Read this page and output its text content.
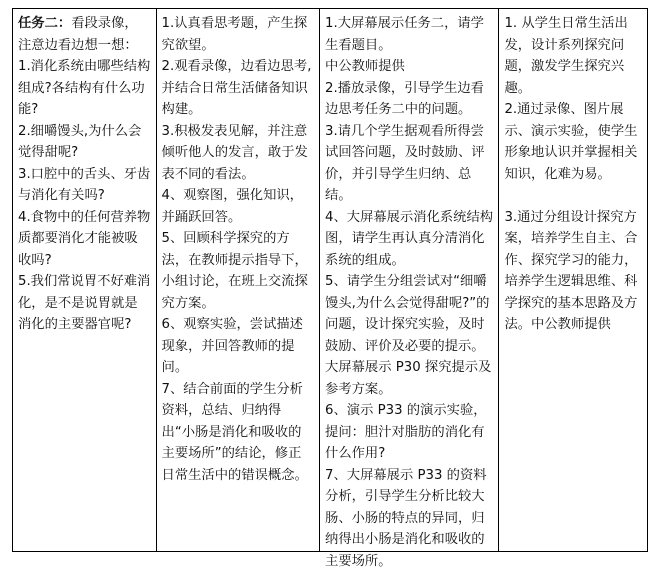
任务二：看段录像，注意边看边想一想：

1.消化系统由哪些结构组成?各结构有什么功能?

2.细嚼馒头,为什么会觉得甜呢?

3.口腔中的舌头、牙齿与消化有关吗?

4.食物中的任何营养物质都要消化才能被吸收吗?

5.我们常说胃不好难消化，是不是说胃就是消化的主要器官呢?

1.认真看思考题，产生探究欲望。

2.观看录像，边看边思考,并结合日常生活储备知识构建。

3.积极发表见解，并注意倾听他人的发言，敢于发表不同的看法。

4、观察图，强化知识，并踊跃回答。

5、回顾科学探究的方法，在教师提示指导下，小组讨论，在班上交流探究方案。

6、观察实验，尝试描述现象，并回答教师的提问。

7、结合前面的学生分析资料，总结、归纳得出“小肠是消化和吸收的主要场所”的结论，修正日常生活中的错误概念。

1.大屏幕展示任务二，请学生看题目。

中公教师提供

2.播放录像，引导学生边看边思考任务二中的问题。

3.请几个学生据观看所得尝试回答问题，及时鼓励、评价，并引导学生归纳、总结。

4、大屏幕展示消化系统结构图，请学生再认真分清消化系统的组成。

5、请学生分组尝试对“细嚼馒头,为什么会觉得甜呢?”的问题，设计探究实验，及时鼓励、评价及必要的提示。大屏幕展示 P30 探究提示及参考方案。

6、演示 P33 的演示实验，提问：胆汁对脂肪的消化有什么作用?

7、大屏幕展示 P33 的资料分析，引导学生分析比较大肠、小肠的特点的异同，归纳得出小肠是消化和吸收的主要场所。

1. 从学生日常生活出发，设计系列探究问题，激发学生探究兴趣。

2.通过录像、图片展示、演示实验，使学生形象地认识并掌握相关知识，化难为易。

3.通过分组设计探究方案，培养学生自主、合作、探究学习的能力，培养学生逻辑思维、科学探究的基本思路及方法。中公教师提供
